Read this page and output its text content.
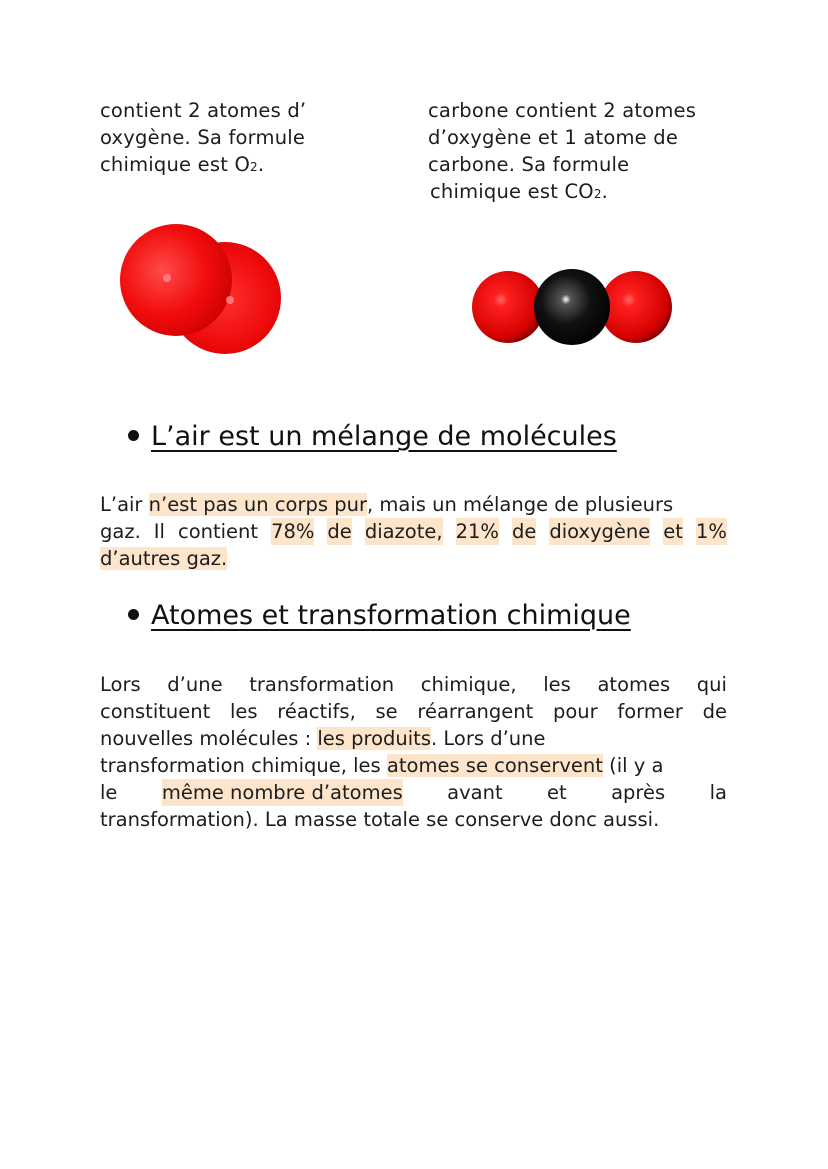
contient 2 atomes d’
oxygène. Sa formule
chimique est O2.
carbone contient 2 atomes
d’oxygène et 1 atome de
carbone. Sa formule
chimique est CO2.
L’air est un mélange de molécules
L’air n’est pas un corps pur, mais un mélange de plusieurs
gaz. Il contient 78% de diazote, 21% de dioxygène et 1%
d’autres gaz.
Atomes et transformation chimique
Lors d’une transformation chimique, les atomes qui
constituent les réactifs, se réarrangent pour former de
nouvelles molécules : les produits. Lors d’une
transformation chimique, les atomes se conservent (il y a
le même nombre d’atomes avant et après la
transformation). La masse totale se conserve donc aussi.
